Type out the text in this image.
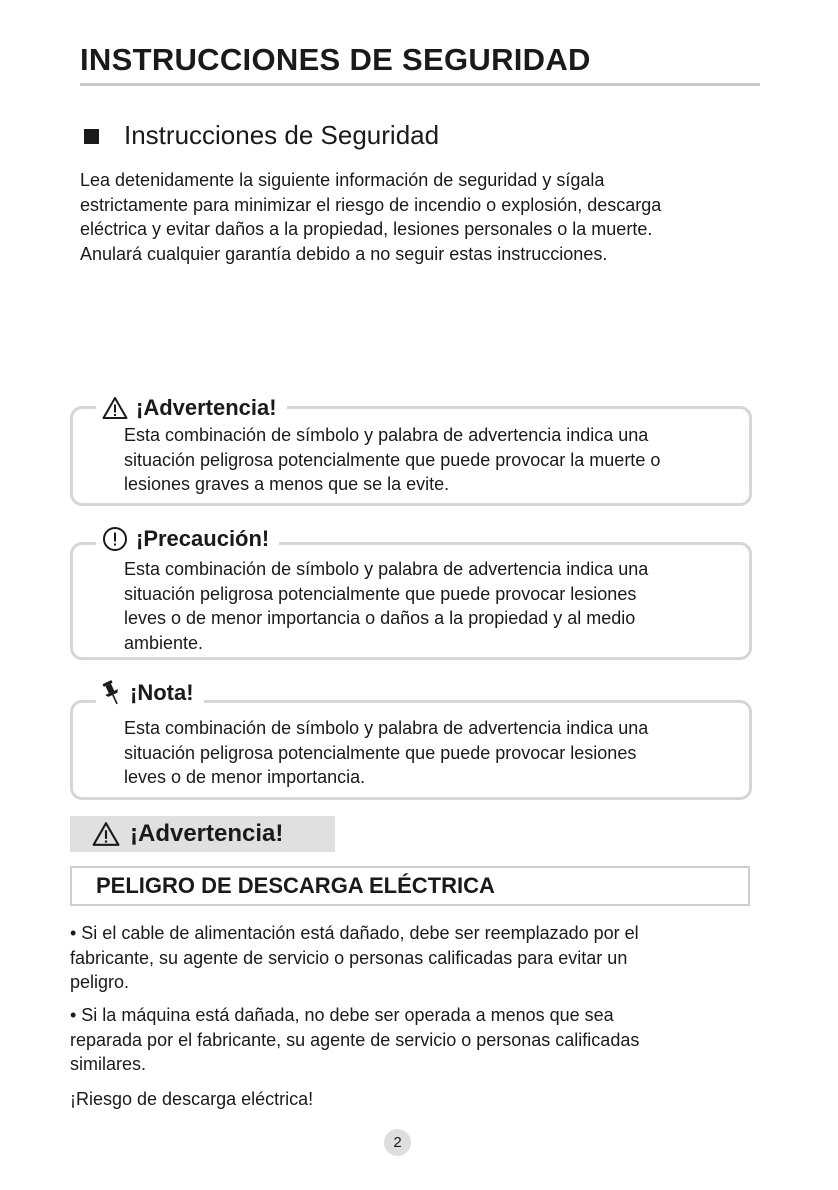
INSTRUCCIONES DE SEGURIDAD
Instrucciones de Seguridad

Lea detenidamente la siguiente información de seguridad y sígala
estrictamente para minimizar el riesgo de incendio o explosión, descarga
eléctrica y evitar daños a la propiedad, lesiones personales o la muerte.
Anulará cualquier garantía debido a no seguir estas instrucciones.

¡Advertencia!

Esta combinación de símbolo y palabra de advertencia indica una
situación peligrosa potencialmente que puede provocar la muerte o
lesiones graves a menos que se la evite.

¡Precaución!

Esta combinación de símbolo y palabra de advertencia indica una
situación peligrosa potencialmente que puede provocar lesiones
leves o de menor importancia o daños a la propiedad y al medio
ambiente.

¡Nota!

Esta combinación de símbolo y palabra de advertencia indica una
situación peligrosa potencialmente que puede provocar lesiones
leves o de menor importancia.

¡Advertencia!
PELIGRO DE DESCARGA ELÉCTRICA

• Si el cable de alimentación está dañado, debe ser reemplazado por el
fabricante, su agente de servicio o personas calificadas para evitar un
peligro.

• Si la máquina está dañada, no debe ser operada a menos que sea
reparada por el fabricante, su agente de servicio o personas calificadas
similares.

¡Riesgo de descarga eléctrica!

2
